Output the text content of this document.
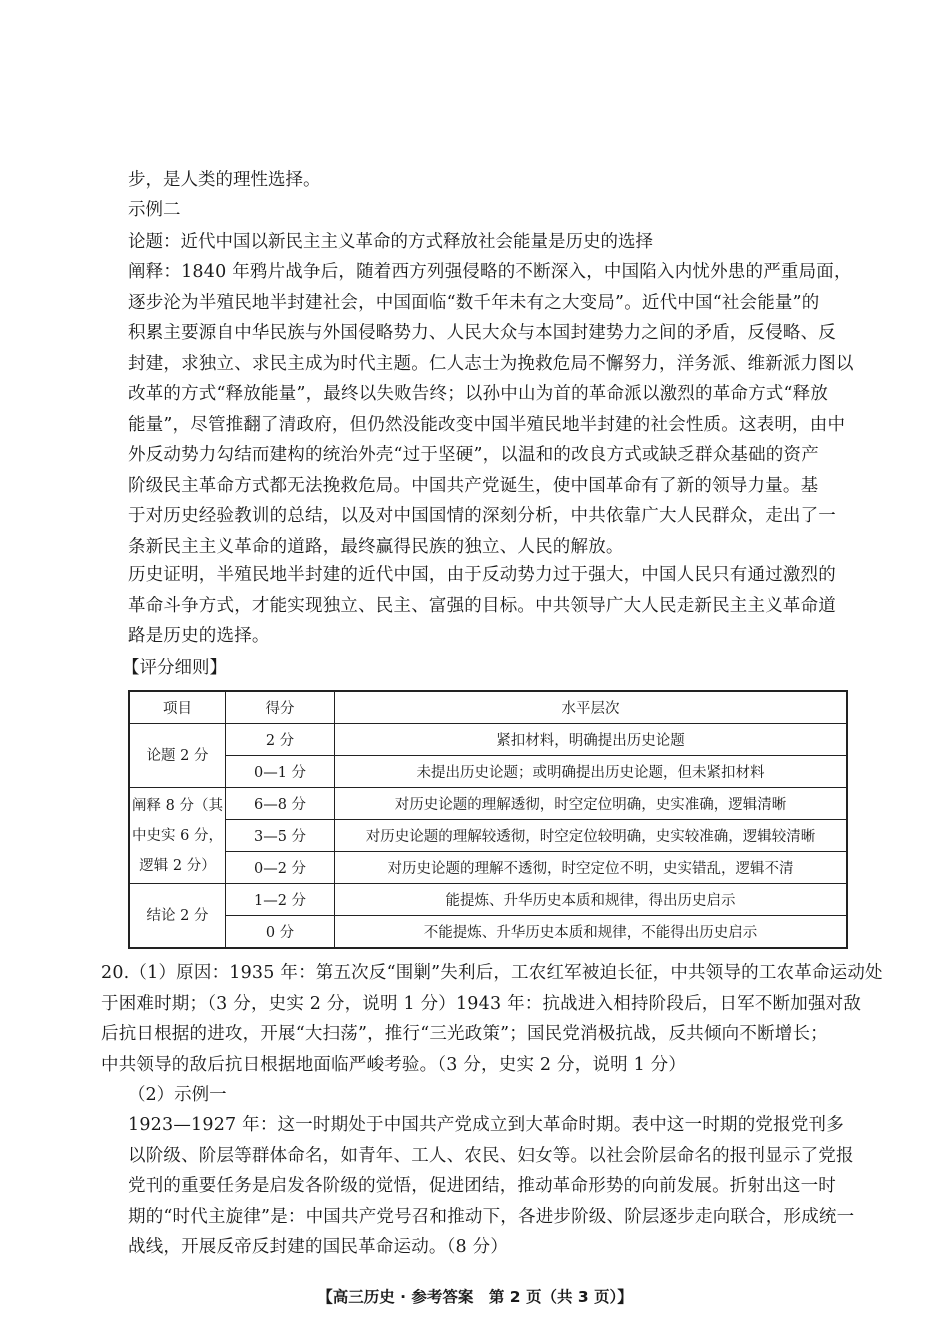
步，是人类的理性选择。
示例二
论题：近代中国以新民主主义革命的方式释放社会能量是历史的选择
阐释：1840 年鸦片战争后，随着西方列强侵略的不断深入，中国陷入内忧外患的严重局面，
逐步沦为半殖民地半封建社会，中国面临“数千年未有之大变局”。近代中国“社会能量”的
积累主要源自中华民族与外国侵略势力、人民大众与本国封建势力之间的矛盾，反侵略、反
封建，求独立、求民主成为时代主题。仁人志士为挽救危局不懈努力，洋务派、维新派力图以
改革的方式“释放能量”，最终以失败告终；以孙中山为首的革命派以激烈的革命方式“释放
能量”，尽管推翻了清政府，但仍然没能改变中国半殖民地半封建的社会性质。这表明，由中
外反动势力勾结而建构的统治外壳“过于坚硬”，以温和的改良方式或缺乏群众基础的资产
阶级民主革命方式都无法挽救危局。中国共产党诞生，使中国革命有了新的领导力量。基
于对历史经验教训的总结，以及对中国国情的深刻分析，中共依靠广大人民群众，走出了一
条新民主主义革命的道路，最终赢得民族的独立、人民的解放。
历史证明，半殖民地半封建的近代中国，由于反动势力过于强大，中国人民只有通过激烈的
革命斗争方式，才能实现独立、民主、富强的目标。中共领导广大人民走新民主主义革命道
路是历史的选择。
【评分细则】
项目	得分	水平层次

论题 2 分	2 分	紧扣材料，明确提出历史论题
	0—1 分	未提出历史论题；或明确提出历史论题，但未紧扣材料

阐释 8 分（其
中史实 6 分，
逻辑 2 分）	6—8 分	对历史论题的理解透彻，时空定位明确，史实准确，逻辑清晰
	3—5 分	对历史论题的理解较透彻，时空定位较明确，史实较准确，逻辑较清晰
	0—2 分	对历史论题的理解不透彻，时空定位不明，史实错乱，逻辑不清

结论 2 分	1—2 分	能提炼、升华历史本质和规律，得出历史启示
	0 分	不能提炼、升华历史本质和规律，不能得出历史启示
20.（1）原因：1935 年：第五次反“围剿”失利后，工农红军被迫长征，中共领导的工农革命运动处
于困难时期；（3 分，史实 2 分，说明 1 分）1943 年：抗战进入相持阶段后，日军不断加强对敌
后抗日根据的进攻，开展“大扫荡”，推行“三光政策”；国民党消极抗战，反共倾向不断增长；
中共领导的敌后抗日根据地面临严峻考验。（3 分，史实 2 分，说明 1 分）
（2）示例一
1923—1927 年：这一时期处于中国共产党成立到大革命时期。表中这一时期的党报党刊多
以阶级、阶层等群体命名，如青年、工人、农民、妇女等。以社会阶层命名的报刊显示了党报
党刊的重要任务是启发各阶级的觉悟，促进团结，推动革命形势的向前发展。折射出这一时
期的“时代主旋律”是：中国共产党号召和推动下，各进步阶级、阶层逐步走向联合，形成统一
战线，开展反帝反封建的国民革命运动。（8 分）
【高三历史 · 参考答案　第 2 页（共 3 页）】
